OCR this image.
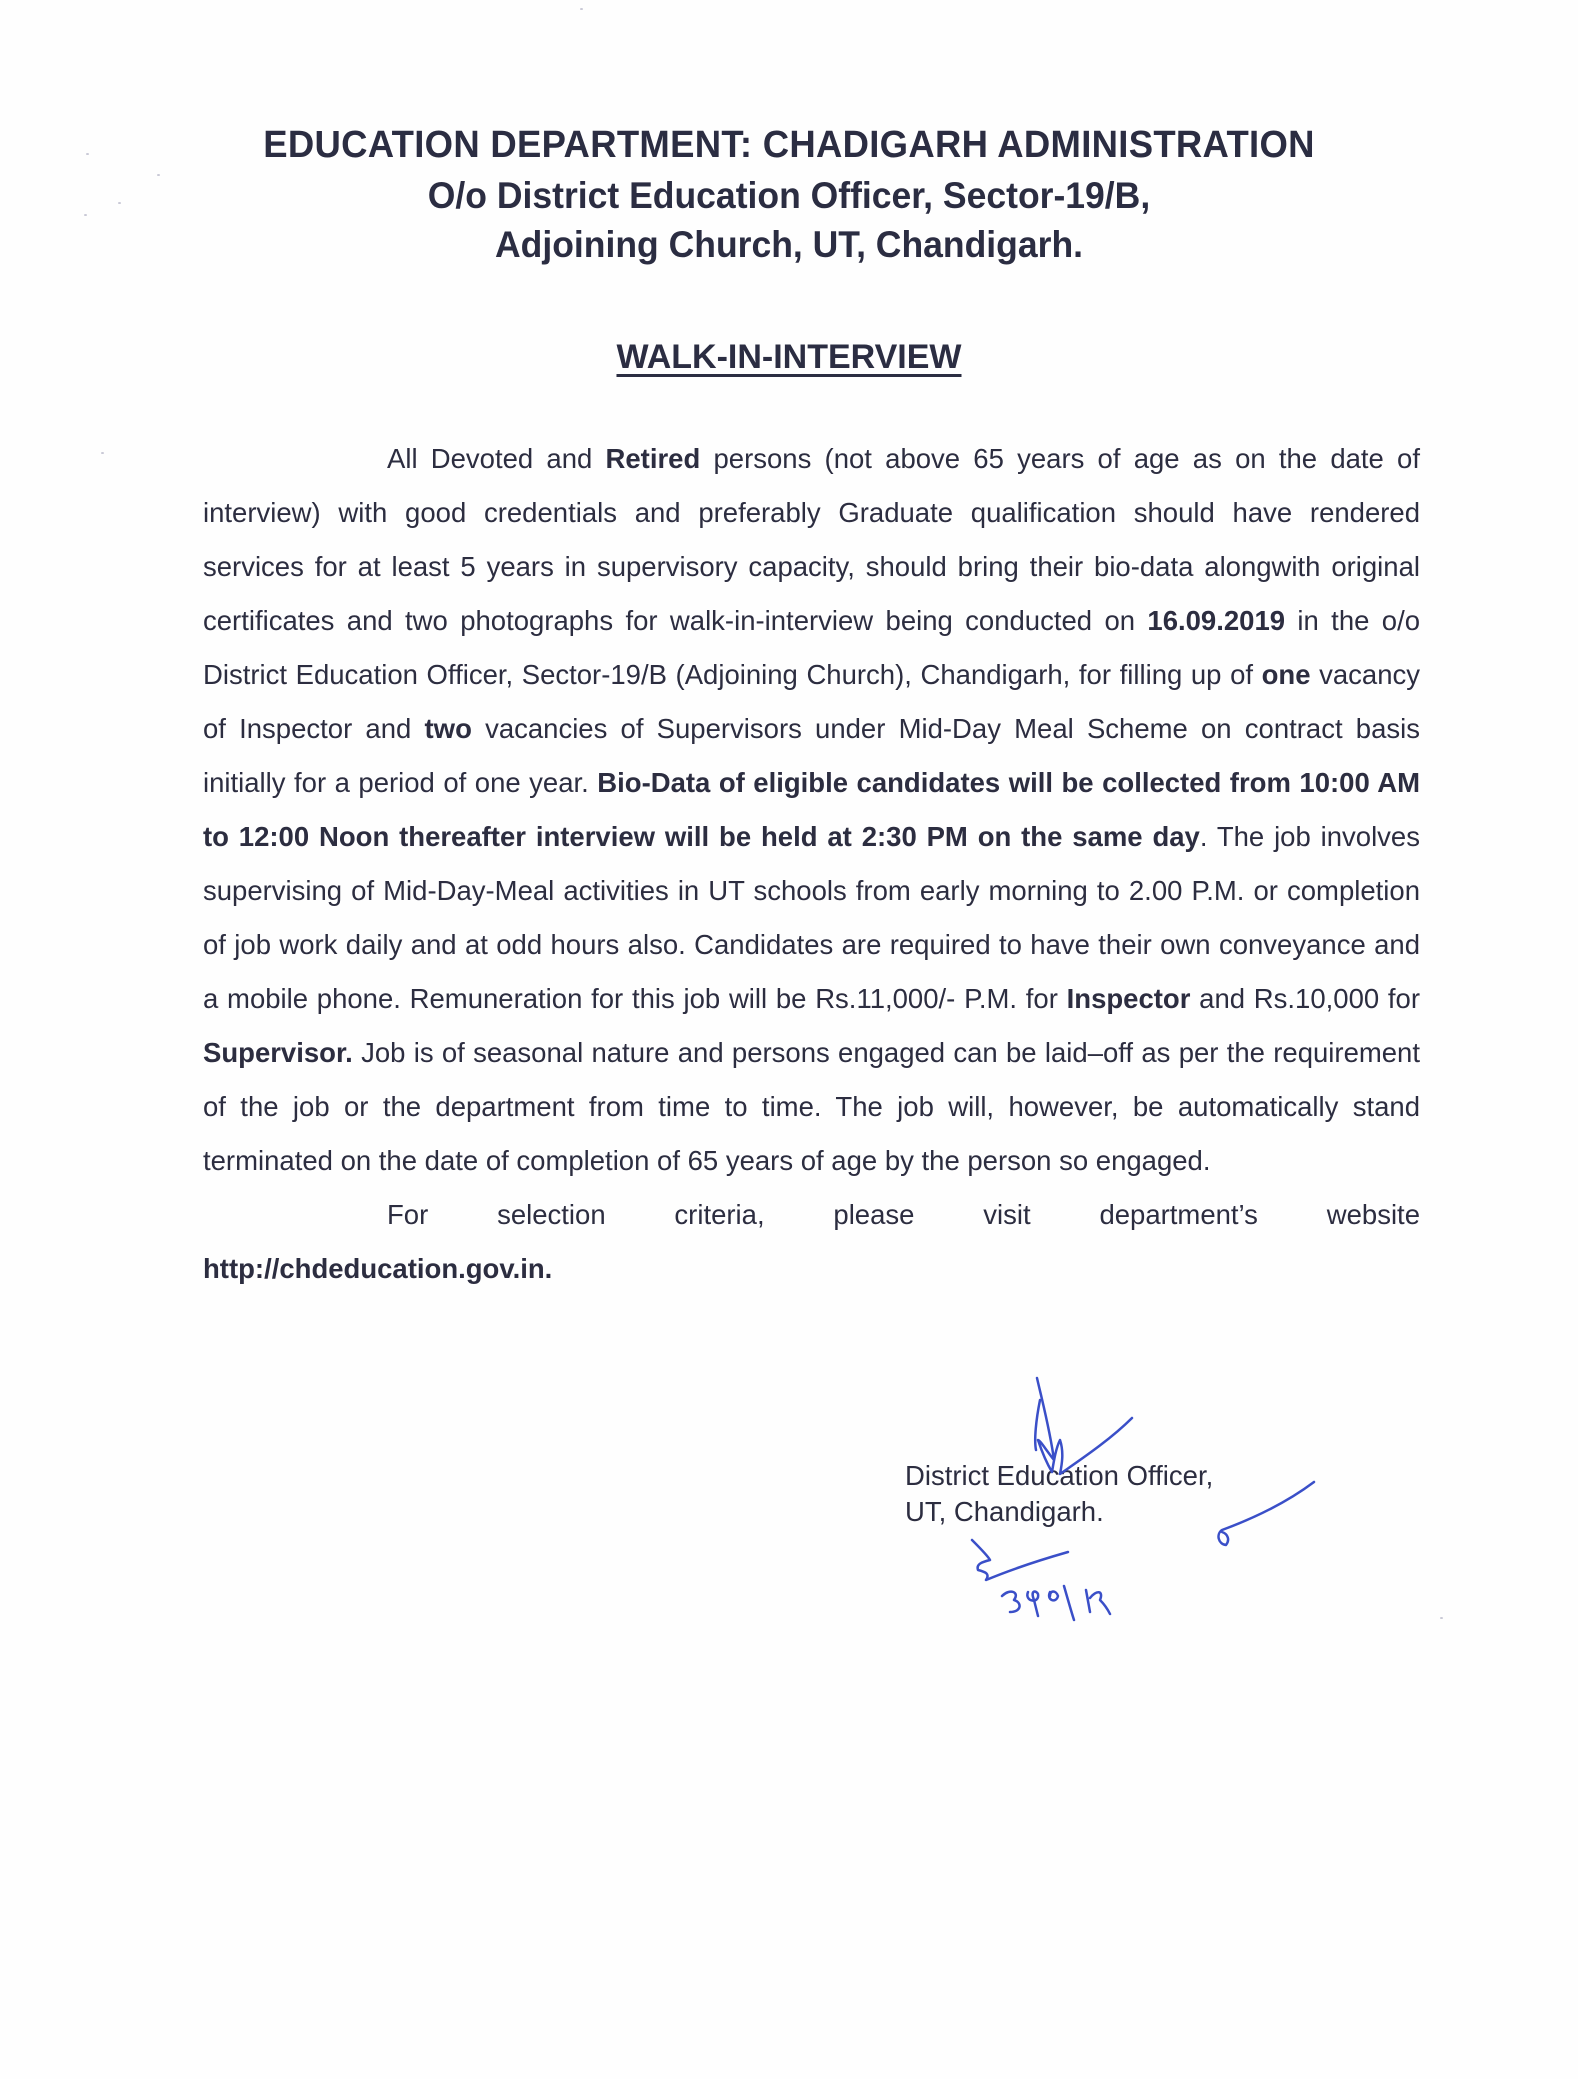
EDUCATION DEPARTMENT: CHADIGARH ADMINISTRATION
O/o District Education Officer, Sector-19/B,
Adjoining Church, UT, Chandigarh.
WALK-IN-INTERVIEW

All Devoted and Retired persons (not above 65 years of age as on the date of interview) with good credentials and preferably Graduate qualification should have rendered services for at least 5 years in supervisory capacity, should bring their bio-data alongwith original certificates and two photographs for walk-in-interview being conducted on 16.09.2019 in the o/o District Education Officer, Sector-19/B (Adjoining Church), Chandigarh, for filling up of one vacancy of Inspector and two vacancies of Supervisors under Mid-Day Meal Scheme on contract basis initially for a period of one year. Bio-Data of eligible candidates will be collected from 10:00 AM to 12:00 Noon thereafter interview will be held at 2:30 PM on the same day. The job involves supervising of Mid-Day-Meal activities in UT schools from early morning to 2.00 P.M. or completion of job work daily and at odd hours also. Candidates are required to have their own conveyance and a mobile phone. Remuneration for this job will be Rs.11,000/- P.M. for Inspector and Rs.10,000 for Supervisor. Job is of seasonal nature and persons engaged can be laid–off as per the requirement of the job or the department from time to time. The job will, however, be automatically stand terminated on the date of completion of 65 years of age by the person so engaged.

For selection criteria, please visit department’s website

http://chdeducation.gov.in.

District Education Officer,
UT, Chandigarh.
